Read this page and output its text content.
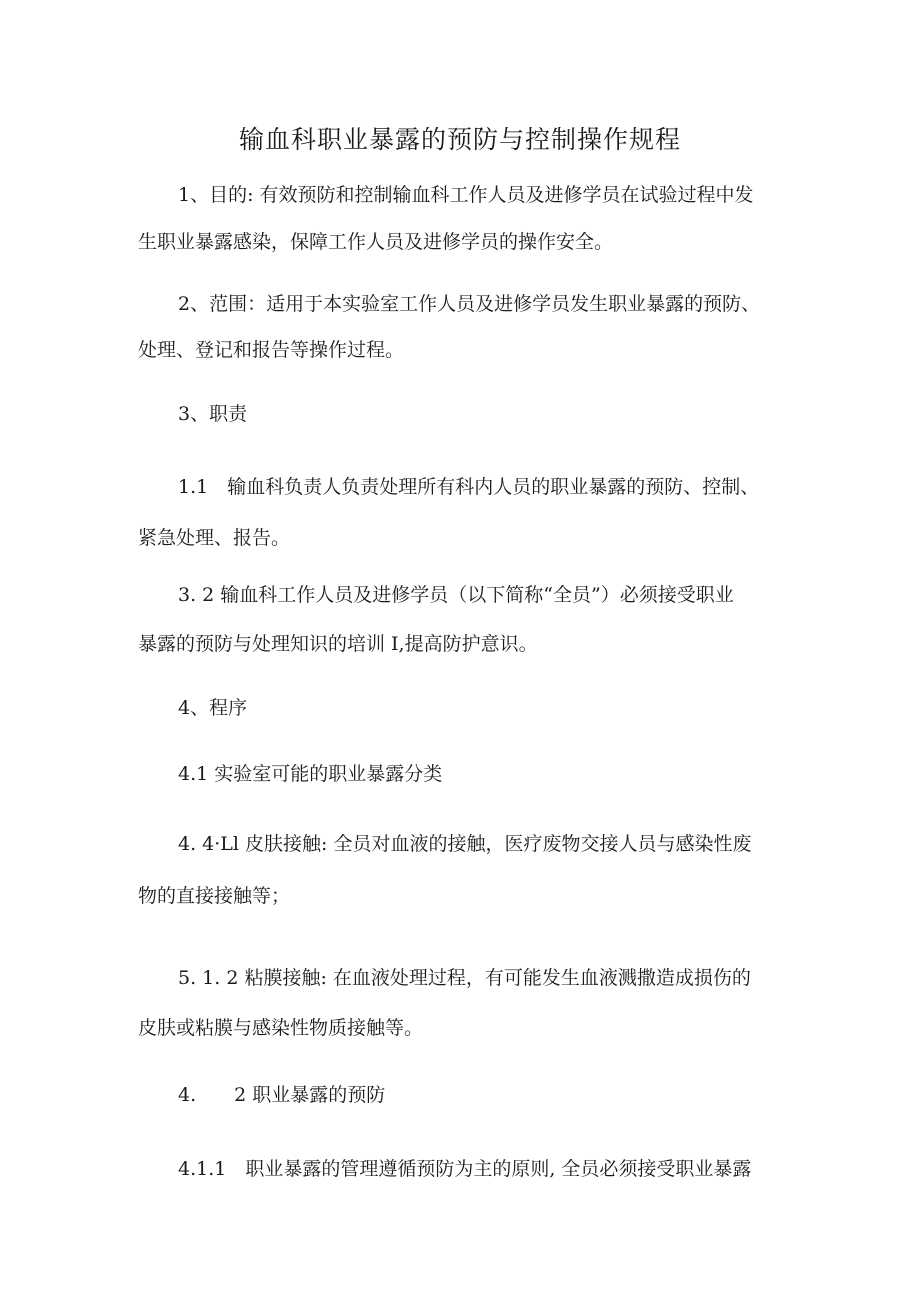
输血科职业暴露的预防与控制操作规程
1、目的: 有效预防和控制输血科工作人员及进修学员在试验过程中发
生职业暴露感染，保障工作人员及进修学员的操作安全。
2、范围：适用于本实验室工作人员及进修学员发生职业暴露的预防、
处理、登记和报告等操作过程。
3、职责
1.1　输血科负责人负责处理所有科内人员的职业暴露的预防、控制、
紧急处理、报告。
3. 2 输血科工作人员及进修学员（以下简称“全员”）必须接受职业
暴露的预防与处理知识的培训 I,提高防护意识。
4、程序
4.1 实验室可能的职业暴露分类
4. 4·Ll 皮肤接触: 全员对血液的接触，医疗废物交接人员与感染性废
物的直接接触等；
5. 1. 2 粘膜接触: 在血液处理过程，有可能发生血液溅撒造成损伤的
皮肤或粘膜与感染性物质接触等。
4.　　2 职业暴露的预防
4.1.1　职业暴露的管理遵循预防为主的原则, 全员必须接受职业暴露
